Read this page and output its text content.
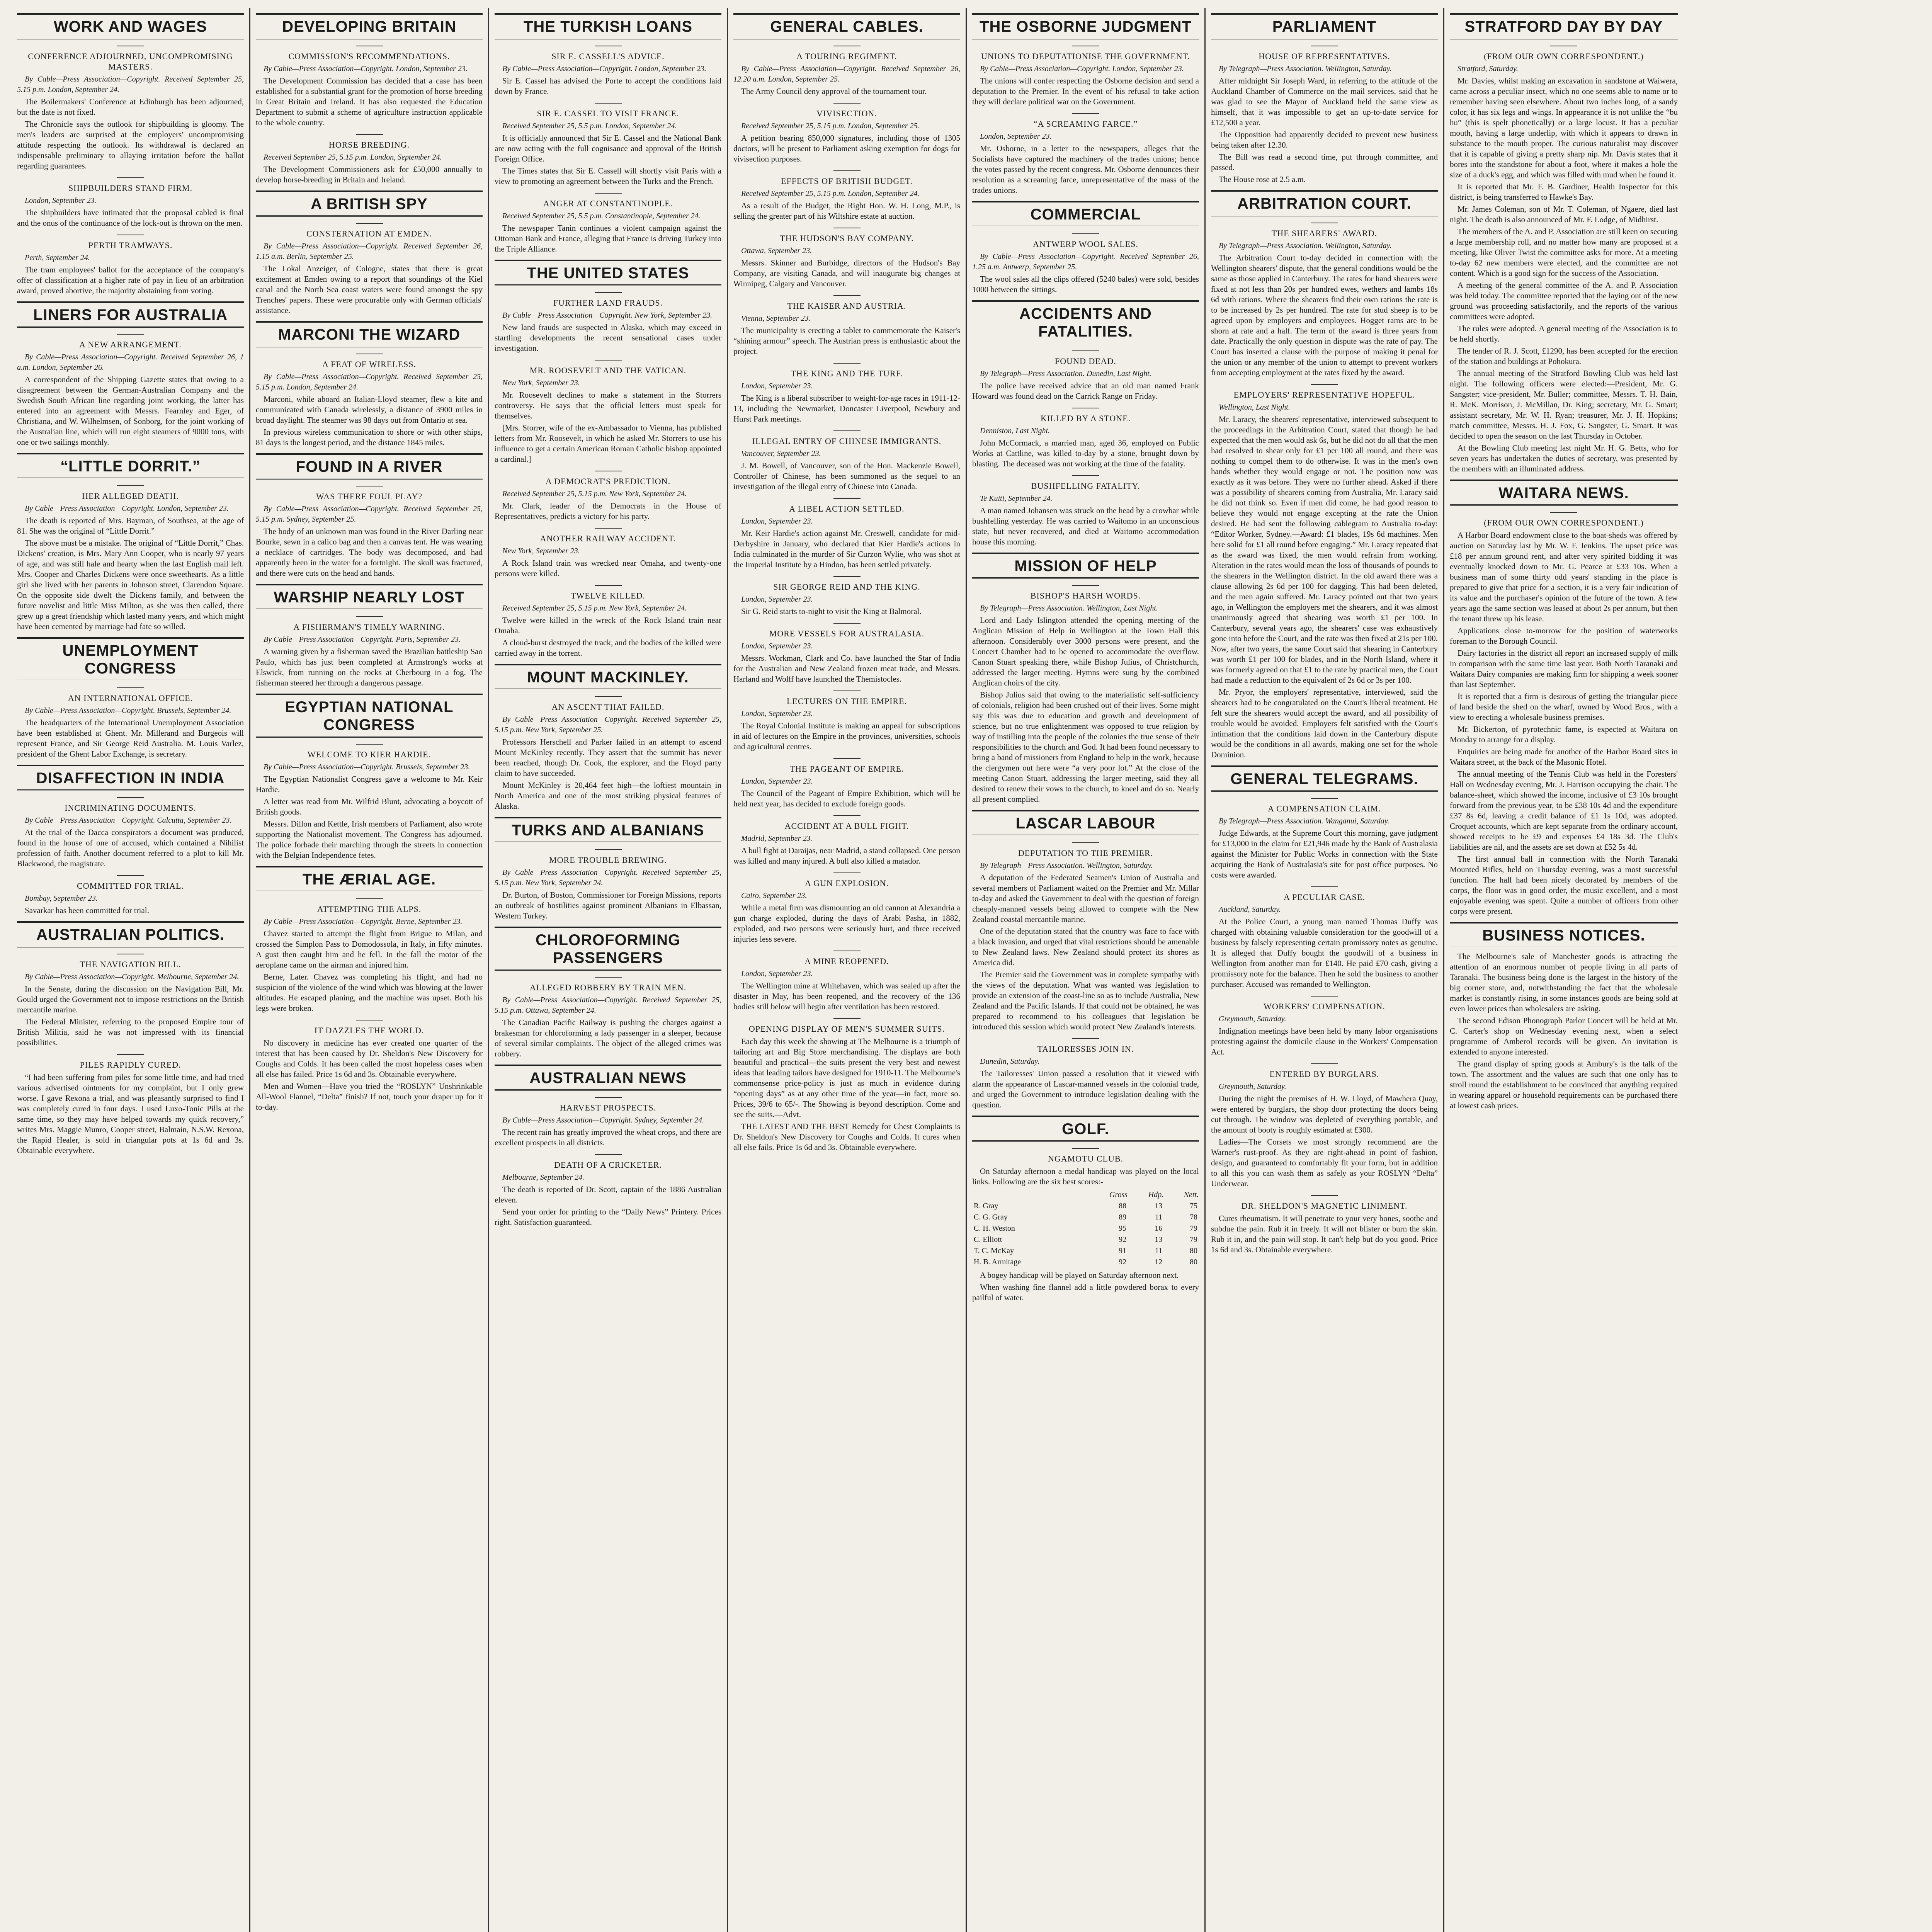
WORK AND WAGES
CONFERENCE ADJOURNED, UNCOMPROMISING MASTERS.
By Cable—Press Association—Copyright. Received September 25, 5.15 p.m. London, September 24.

The Boilermakers' Conference at Edinburgh has been adjourned, but the date is not fixed.

The Chronicle says the outlook for shipbuilding is gloomy. The men's leaders are surprised at the employers' uncompromising attitude respecting the outlook. Its withdrawal is declared an indispensable preliminary to allaying irritation before the ballot regarding guarantees.

SHIPBUILDERS STAND FIRM.
London, September 23.

The shipbuilders have intimated that the proposal cabled is final and the onus of the continuance of the lock-out is thrown on the men.

PERTH TRAMWAYS.
Perth, September 24.

The tram employees' ballot for the acceptance of the company's offer of classification at a higher rate of pay in lieu of an arbitration award, proved abortive, the majority abstaining from voting.

LINERS FOR AUSTRALIA
A NEW ARRANGEMENT.
By Cable—Press Association—Copyright. Received September 26, 1 a.m. London, September 26.

A correspondent of the Shipping Gazette states that owing to a disagreement between the German-Australian Company and the Swedish South African line regarding joint working, the latter has entered into an agreement with Messrs. Fearnley and Eger, of Christiana, and W. Wilhelmsen, of Sonborg, for the joint working of the Australian line, which will run eight steamers of 9000 tons, with one or two sailings monthly.

“LITTLE DORRIT.”
HER ALLEGED DEATH.
By Cable—Press Association—Copyright. London, September 23.

The death is reported of Mrs. Bayman, of Southsea, at the age of 81. She was the original of “Little Dorrit.”

The above must be a mistake. The original of “Little Dorrit,” Chas. Dickens' creation, is Mrs. Mary Ann Cooper, who is nearly 97 years of age, and was still hale and hearty when the last English mail left. Mrs. Cooper and Charles Dickens were once sweethearts. As a little girl she lived with her parents in Johnson street, Clarendon Square. On the opposite side dwelt the Dickens family, and between the future novelist and little Miss Milton, as she was then called, there grew up a great friendship which lasted many years, and which might have been cemented by marriage had fate so willed.

UNEMPLOYMENT CONGRESS
AN INTERNATIONAL OFFICE.
By Cable—Press Association—Copyright. Brussels, September 24.

The headquarters of the International Unemployment Association have been established at Ghent. Mr. Millerand and Burgeois will represent France, and Sir George Reid Australia. M. Louis Varlez, president of the Ghent Labor Exchange, is secretary.

DISAFFECTION IN INDIA
INCRIMINATING DOCUMENTS.
By Cable—Press Association—Copyright. Calcutta, September 23.

At the trial of the Dacca conspirators a document was produced, found in the house of one of accused, which contained a Nihilist profession of faith. Another document referred to a plot to kill Mr. Blackwood, the magistrate.

COMMITTED FOR TRIAL.
Bombay, September 23.

Savarkar has been committed for trial.

AUSTRALIAN POLITICS.
THE NAVIGATION BILL.
By Cable—Press Association—Copyright. Melbourne, September 24.

In the Senate, during the discussion on the Navigation Bill, Mr. Gould urged the Government not to impose restrictions on the British mercantile marine.

The Federal Minister, referring to the proposed Empire tour of British Militia, said he was not impressed with its financial possibilities.

PILES RAPIDLY CURED.

“I had been suffering from piles for some little time, and had tried various advertised ointments for my complaint, but I only grew worse. I gave Rexona a trial, and was pleasantly surprised to find I was completely cured in four days. I used Luxo-Tonic Pills at the same time, so they may have helped towards my quick recovery,” writes Mrs. Maggie Munro, Cooper street, Balmain, N.S.W. Rexona, the Rapid Healer, is sold in triangular pots at 1s 6d and 3s. Obtainable everywhere.

DEVELOPING BRITAIN
COMMISSION'S RECOMMENDATIONS.
By Cable—Press Association—Copyright. London, September 23.

The Development Commission has decided that a case has been established for a substantial grant for the promotion of horse breeding in Great Britain and Ireland. It has also requested the Education Department to submit a scheme of agriculture instruction applicable to the whole country.

HORSE BREEDING.
Received September 25, 5.15 p.m. London, September 24.

The Development Commissioners ask for £50,000 annually to develop horse-breeding in Britain and Ireland.

A BRITISH SPY
CONSTERNATION AT EMDEN.
By Cable—Press Association—Copyright. Received September 26, 1.15 a.m. Berlin, September 25.

The Lokal Anzeiger, of Cologne, states that there is great excitement at Emden owing to a report that soundings of the Kiel canal and the North Sea coast waters were found amongst the spy Trenches' papers. These were procurable only with German officials' assistance.

MARCONI THE WIZARD
A FEAT OF WIRELESS.
By Cable—Press Association—Copyright. Received September 25, 5.15 p.m. London, September 24.

Marconi, while aboard an Italian-Lloyd steamer, flew a kite and communicated with Canada wirelessly, a distance of 3900 miles in broad daylight. The steamer was 98 days out from Ontario at sea.

In previous wireless communication to shore or with other ships, 81 days is the longest period, and the distance 1845 miles.

FOUND IN A RIVER
WAS THERE FOUL PLAY?
By Cable—Press Association—Copyright. Received September 25, 5.15 p.m. Sydney, September 25.

The body of an unknown man was found in the River Darling near Bourke, sewn in a calico bag and then a canvas tent. He was wearing a necklace of cartridges. The body was decomposed, and had apparently been in the water for a fortnight. The skull was fractured, and there were cuts on the head and hands.

WARSHIP NEARLY LOST
A FISHERMAN'S TIMELY WARNING.
By Cable—Press Association—Copyright. Paris, September 23.

A warning given by a fisherman saved the Brazilian battleship Sao Paulo, which has just been completed at Armstrong's works at Elswick, from running on the rocks at Cherbourg in a fog. The fisherman steered her through a dangerous passage.

EGYPTIAN NATIONAL CONGRESS
WELCOME TO KIER HARDIE.
By Cable—Press Association—Copyright. Brussels, September 23.

The Egyptian Nationalist Congress gave a welcome to Mr. Keir Hardie.

A letter was read from Mr. Wilfrid Blunt, advocating a boycott of British goods.

Messrs. Dillon and Kettle, Irish members of Parliament, also wrote supporting the Nationalist movement. The Congress has adjourned. The police forbade their marching through the streets in connection with the Belgian Independence fetes.

THE ÆRIAL AGE.
ATTEMPTING THE ALPS.
By Cable—Press Association—Copyright. Berne, September 23.

Chavez started to attempt the flight from Brigue to Milan, and crossed the Simplon Pass to Domodossola, in Italy, in fifty minutes. A gust then caught him and he fell. In the fall the motor of the aeroplane came on the airman and injured him.

Berne, Later. Chavez was completing his flight, and had no suspicion of the violence of the wind which was blowing at the lower altitudes. He escaped planing, and the machine was upset. Both his legs were broken.

IT DAZZLES THE WORLD.

No discovery in medicine has ever created one quarter of the interest that has been caused by Dr. Sheldon's New Discovery for Coughs and Colds. It has been called the most hopeless cases when all else has failed. Price 1s 6d and 3s. Obtainable everywhere.

Men and Women—Have you tried the “ROSLYN” Unshrinkable All-Wool Flannel, “Delta” finish? If not, touch your draper up for it to-day.

THE TURKISH LOANS
SIR E. CASSELL'S ADVICE.
By Cable—Press Association—Copyright. London, September 23.

Sir E. Cassel has advised the Porte to accept the conditions laid down by France.

SIR E. CASSEL TO VISIT FRANCE.
Received September 25, 5.5 p.m. London, September 24.

It is officially announced that Sir E. Cassel and the National Bank are now acting with the full cognisance and approval of the British Foreign Office.

The Times states that Sir E. Cassell will shortly visit Paris with a view to promoting an agreement between the Turks and the French.

ANGER AT CONSTANTINOPLE.
Received September 25, 5.5 p.m. Constantinople, September 24.

The newspaper Tanin continues a violent campaign against the Ottoman Bank and France, alleging that France is driving Turkey into the Triple Alliance.

THE UNITED STATES
FURTHER LAND FRAUDS.
By Cable—Press Association—Copyright. New York, September 23.

New land frauds are suspected in Alaska, which may exceed in startling developments the recent sensational cases under investigation.

MR. ROOSEVELT AND THE VATICAN.
New York, September 23.

Mr. Roosevelt declines to make a statement in the Storrers controversy. He says that the official letters must speak for themselves.

[Mrs. Storrer, wife of the ex-Ambassador to Vienna, has published letters from Mr. Roosevelt, in which he asked Mr. Storrers to use his influence to get a certain American Roman Catholic bishop appointed a cardinal.]

A DEMOCRAT'S PREDICTION.
Received September 25, 5.15 p.m. New York, September 24.

Mr. Clark, leader of the Democrats in the House of Representatives, predicts a victory for his party.

ANOTHER RAILWAY ACCIDENT.
New York, September 23.

A Rock Island train was wrecked near Omaha, and twenty-one persons were killed.

TWELVE KILLED.
Received September 25, 5.15 p.m. New York, September 24.

Twelve were killed in the wreck of the Rock Island train near Omaha.

A cloud-burst destroyed the track, and the bodies of the killed were carried away in the torrent.

MOUNT MACKINLEY.
AN ASCENT THAT FAILED.
By Cable—Press Association—Copyright. Received September 25, 5.15 p.m. New York, September 25.

Professors Herschell and Parker failed in an attempt to ascend Mount McKinley recently. They assert that the summit has never been reached, though Dr. Cook, the explorer, and the Floyd party claim to have succeeded.

Mount McKinley is 20,464 feet high—the loftiest mountain in North America and one of the most striking physical features of Alaska.

TURKS AND ALBANIANS
MORE TROUBLE BREWING.
By Cable—Press Association—Copyright. Received September 25, 5.15 p.m. New York, September 24.

Dr. Burton, of Boston, Commissioner for Foreign Missions, reports an outbreak of hostilities against prominent Albanians in Elbassan, Western Turkey.

CHLOROFORMING PASSENGERS
ALLEGED ROBBERY BY TRAIN MEN.
By Cable—Press Association—Copyright. Received September 25, 5.15 p.m. Ottawa, September 24.

The Canadian Pacific Railway is pushing the charges against a brakesman for chloroforming a lady passenger in a sleeper, because of several similar complaints. The object of the alleged crimes was robbery.

AUSTRALIAN NEWS
HARVEST PROSPECTS.
By Cable—Press Association—Copyright. Sydney, September 24.

The recent rain has greatly improved the wheat crops, and there are excellent prospects in all districts.

DEATH OF A CRICKETER.
Melbourne, September 24.

The death is reported of Dr. Scott, captain of the 1886 Australian eleven.

Send your order for printing to the “Daily News” Printery. Prices right. Satisfaction guaranteed.

GENERAL CABLES.
A TOURING REGIMENT.
By Cable—Press Association—Copyright. Received September 26, 12.20 a.m. London, September 25.

The Army Council deny approval of the tournament tour.

VIVISECTION.
Received September 25, 5.15 p.m. London, September 25.

A petition bearing 850,000 signatures, including those of 1305 doctors, will be present to Parliament asking exemption for dogs for vivisection purposes.

EFFECTS OF BRITISH BUDGET.
Received September 25, 5.15 p.m. London, September 24.

As a result of the Budget, the Right Hon. W. H. Long, M.P., is selling the greater part of his Wiltshire estate at auction.

THE HUDSON'S BAY COMPANY.
Ottawa, September 23.

Messrs. Skinner and Burbidge, directors of the Hudson's Bay Company, are visiting Canada, and will inaugurate big changes at Winnipeg, Calgary and Vancouver.

THE KAISER AND AUSTRIA.
Vienna, September 23.

The municipality is erecting a tablet to commemorate the Kaiser's “shining armour” speech. The Austrian press is enthusiastic about the project.

THE KING AND THE TURF.
London, September 23.

The King is a liberal subscriber to weight-for-age races in 1911-12-13, including the Newmarket, Doncaster Liverpool, Newbury and Hurst Park meetings.

ILLEGAL ENTRY OF CHINESE IMMIGRANTS.
Vancouver, September 23.

J. M. Bowell, of Vancouver, son of the Hon. Mackenzie Bowell, Controller of Chinese, has been summoned as the sequel to an investigation of the illegal entry of Chinese into Canada.

A LIBEL ACTION SETTLED.
London, September 23.

Mr. Keir Hardie's action against Mr. Creswell, candidate for mid-Derbyshire in January, who declared that Kier Hardie's actions in India culminated in the murder of Sir Curzon Wylie, who was shot at the Imperial Institute by a Hindoo, has been settled privately.

SIR GEORGE REID AND THE KING.
London, September 23.

Sir G. Reid starts to-night to visit the King at Balmoral.

MORE VESSELS FOR AUSTRALASIA.
London, September 23.

Messrs. Workman, Clark and Co. have launched the Star of India for the Australian and New Zealand frozen meat trade, and Messrs. Harland and Wolff have launched the Themistocles.

LECTURES ON THE EMPIRE.
London, September 23.

The Royal Colonial Institute is making an appeal for subscriptions in aid of lectures on the Empire in the provinces, universities, schools and agricultural centres.

THE PAGEANT OF EMPIRE.
London, September 23.

The Council of the Pageant of Empire Exhibition, which will be held next year, has decided to exclude foreign goods.

ACCIDENT AT A BULL FIGHT.
Madrid, September 23.

A bull fight at Daraijas, near Madrid, a stand collapsed. One person was killed and many injured. A bull also killed a matador.

A GUN EXPLOSION.
Cairo, September 23.

While a metal firm was dismounting an old cannon at Alexandria a gun charge exploded, during the days of Arabi Pasha, in 1882, exploded, and two persons were seriously hurt, and three received injuries less severe.

A MINE REOPENED.
London, September 23.

The Wellington mine at Whitehaven, which was sealed up after the disaster in May, has been reopened, and the recovery of the 136 bodies still below will begin after ventilation has been restored.

OPENING DISPLAY OF MEN'S SUMMER SUITS.

Each day this week the showing at The Melbourne is a triumph of tailoring art and Big Store merchandising. The displays are both beautiful and practical—the suits present the very best and newest ideas that leading tailors have designed for 1910-11. The Melbourne's commonsense price-policy is just as much in evidence during “opening days” as at any other time of the year—in fact, more so. Prices, 39/6 to 65/-. The Showing is beyond description. Come and see the suits.—Advt.

THE LATEST AND THE BEST Remedy for Chest Complaints is Dr. Sheldon's New Discovery for Coughs and Colds. It cures when all else fails. Price 1s 6d and 3s. Obtainable everywhere.

THE OSBORNE JUDGMENT
UNIONS TO DEPUTATIONISE THE GOVERNMENT.
By Cable—Press Association—Copyright. London, September 23.

The unions will confer respecting the Osborne decision and send a deputation to the Premier. In the event of his refusal to take action they will declare political war on the Government.

“A SCREAMING FARCE.”
London, September 23.

Mr. Osborne, in a letter to the newspapers, alleges that the Socialists have captured the machinery of the trades unions; hence the votes passed by the recent congress. Mr. Osborne denounces their resolution as a screaming farce, unrepresentative of the mass of the trades unions.

COMMERCIAL
ANTWERP WOOL SALES.
By Cable—Press Association—Copyright. Received September 26, 1.25 a.m. Antwerp, September 25.

The wool sales all the clips offered (5240 bales) were sold, besides 1000 between the sittings.

ACCIDENTS AND FATALITIES.
FOUND DEAD.
By Telegraph—Press Association. Dunedin, Last Night.

The police have received advice that an old man named Frank Howard was found dead on the Carrick Range on Friday.

KILLED BY A STONE.
Denniston, Last Night.

John McCormack, a married man, aged 36, employed on Public Works at Cattline, was killed to-day by a stone, brought down by blasting. The deceased was not working at the time of the fatality.

BUSHFELLING FATALITY.
Te Kuiti, September 24.

A man named Johansen was struck on the head by a crowbar while bushfelling yesterday. He was carried to Waitomo in an unconscious state, but never recovered, and died at Waitomo accommodation house this morning.

MISSION OF HELP
BISHOP'S HARSH WORDS.
By Telegraph—Press Association. Wellington, Last Night.

Lord and Lady Islington attended the opening meeting of the Anglican Mission of Help in Wellington at the Town Hall this afternoon. Considerably over 3000 persons were present, and the Concert Chamber had to be opened to accommodate the overflow. Canon Stuart speaking there, while Bishop Julius, of Christchurch, addressed the larger meeting. Hymns were sung by the combined Anglican choirs of the city.

Bishop Julius said that owing to the materialistic self-sufficiency of colonials, religion had been crushed out of their lives. Some might say this was due to education and growth and development of science, but no true enlightenment was opposed to true religion by way of instilling into the people of the colonies the true sense of their responsibilities to the church and God. It had been found necessary to bring a band of missioners from England to help in the work, because the clergymen out here were “a very poor lot.” At the close of the meeting Canon Stuart, addressing the larger meeting, said they all desired to renew their vows to the church, to kneel and do so. Nearly all present complied.

LASCAR LABOUR
DEPUTATION TO THE PREMIER.
By Telegraph—Press Association. Wellington, Saturday.

A deputation of the Federated Seamen's Union of Australia and several members of Parliament waited on the Premier and Mr. Millar to-day and asked the Government to deal with the question of foreign cheaply-manned vessels being allowed to compete with the New Zealand coastal mercantile marine.

One of the deputation stated that the country was face to face with a black invasion, and urged that vital restrictions should be amenable to New Zealand laws. New Zealand should protect its shores as America did.

The Premier said the Government was in complete sympathy with the views of the deputation. What was wanted was legislation to provide an extension of the coast-line so as to include Australia, New Zealand and the Pacific Islands. If that could not be obtained, he was prepared to recommend to his colleagues that legislation be introduced this session which would protect New Zealand's interests.

TAILORESSES JOIN IN.
Dunedin, Saturday.

The Tailoresses' Union passed a resolution that it viewed with alarm the appearance of Lascar-manned vessels in the colonial trade, and urged the Government to introduce legislation dealing with the question.

GOLF.
NGAMOTU CLUB.

On Saturday afternoon a medal handicap was played on the local links. Following are the six best scores:-

	Gross	Hdp.	Nett.
R. Gray	88	13	75
C. G. Gray	89	11	78
C. H. Weston	95	16	79
C. Elliott	92	13	79
T. C. McKay	91	11	80
H. B. Armitage	92	12	80

A bogey handicap will be played on Saturday afternoon next.

When washing fine flannel add a little powdered borax to every pailful of water.

PARLIAMENT
HOUSE OF REPRESENTATIVES.
By Telegraph—Press Association. Wellington, Saturday.

After midnight Sir Joseph Ward, in referring to the attitude of the Auckland Chamber of Commerce on the mail services, said that he was glad to see the Mayor of Auckland held the same view as himself, that it was impossible to get an up-to-date service for £12,500 a year.

The Opposition had apparently decided to prevent new business being taken after 12.30.

The Bill was read a second time, put through committee, and passed.

The House rose at 2.5 a.m.

ARBITRATION COURT.
THE SHEARERS' AWARD.
By Telegraph—Press Association. Wellington, Saturday.

The Arbitration Court to-day decided in connection with the Wellington shearers' dispute, that the general conditions would be the same as those applied in Canterbury. The rates for hand shearers were fixed at not less than 20s per hundred ewes, wethers and lambs 18s 6d with rations. Where the shearers find their own rations the rate is to be increased by 2s per hundred. The rate for stud sheep is to be agreed upon by employers and employees. Hogget rams are to be shorn at rate and a half. The term of the award is three years from date. Practically the only question in dispute was the rate of pay. The Court has inserted a clause with the purpose of making it penal for the union or any member of the union to attempt to prevent workers from accepting employment at the rates fixed by the award.

EMPLOYERS' REPRESENTATIVE HOPEFUL.
Wellington, Last Night.

Mr. Laracy, the shearers' representative, interviewed subsequent to the proceedings in the Arbitration Court, stated that though he had expected that the men would ask 6s, but he did not do all that the men had resolved to shear only for £1 per 100 all round, and there was nothing to compel them to do otherwise. It was in the men's own hands whether they would engage or not. The position now was exactly as it was before. They were no further ahead. Asked if there was a possibility of shearers coming from Australia, Mr. Laracy said he did not think so. Even if men did come, he had good reason to believe they would not engage excepting at the rate the Union desired. He had sent the following cablegram to Australia to-day: “Editor Worker, Sydney.—Award: £1 blades, 19s 6d machines. Men here solid for £1 all round before engaging.” Mr. Laracy repeated that as the award was fixed, the men would refrain from working. Alteration in the rates would mean the loss of thousands of pounds to the shearers in the Wellington district. In the old award there was a clause allowing 2s 6d per 100 for dagging. This had been deleted, and the men again suffered. Mr. Laracy pointed out that two years ago, in Wellington the employers met the shearers, and it was almost unanimously agreed that shearing was worth £1 per 100. In Canterbury, several years ago, the shearers' case was exhaustively gone into before the Court, and the rate was then fixed at 21s per 100. Now, after two years, the same Court said that shearing in Canterbury was worth £1 per 100 for blades, and in the North Island, where it was formerly agreed on that £1 to the rate by practical men, the Court had made a reduction to the equivalent of 2s 6d or 3s per 100.

Mr. Pryor, the employers' representative, interviewed, said the shearers had to be congratulated on the Court's liberal treatment. He felt sure the shearers would accept the award, and all possibility of trouble would be avoided. Employers felt satisfied with the Court's intimation that the conditions laid down in the Canterbury dispute would be the conditions in all awards, making one set for the whole Dominion.

GENERAL TELEGRAMS.
A COMPENSATION CLAIM.
By Telegraph—Press Association. Wanganui, Saturday.

Judge Edwards, at the Supreme Court this morning, gave judgment for £13,000 in the claim for £21,946 made by the Bank of Australasia against the Minister for Public Works in connection with the State acquiring the Bank of Australasia's site for post office purposes. No costs were awarded.

A PECULIAR CASE.
Auckland, Saturday.

At the Police Court, a young man named Thomas Duffy was charged with obtaining valuable consideration for the goodwill of a business by falsely representing certain promissory notes as genuine. It is alleged that Duffy bought the goodwill of a business in Wellington from another man for £140. He paid £70 cash, giving a promissory note for the balance. Then he sold the business to another purchaser. Accused was remanded to Wellington.

WORKERS' COMPENSATION.
Greymouth, Saturday.

Indignation meetings have been held by many labor organisations protesting against the domicile clause in the Workers' Compensation Act.

ENTERED BY BURGLARS.
Greymouth, Saturday.

During the night the premises of H. W. Lloyd, of Mawhera Quay, were entered by burglars, the shop door protecting the doors being cut through. The window was depleted of everything portable, and the amount of booty is roughly estimated at £300.

Ladies—The Corsets we most strongly recommend are the Warner's rust-proof. As they are right-ahead in point of fashion, design, and guaranteed to comfortably fit your form, but in addition to all this you can wash them as safely as your ROSLYN “Delta” Underwear.

DR. SHELDON'S MAGNETIC LINIMENT.

Cures rheumatism. It will penetrate to your very bones, soothe and subdue the pain. Rub it in freely. It will not blister or burn the skin. Rub it in, and the pain will stop. It can't help but do you good. Price 1s 6d and 3s. Obtainable everywhere.

STRATFORD DAY BY DAY
(FROM OUR OWN CORRESPONDENT.)
Stratford, Saturday.

Mr. Davies, whilst making an excavation in sandstone at Waiwera, came across a peculiar insect, which no one seems able to name or to remember having seen elsewhere. About two inches long, of a sandy color, it has six legs and wings. In appearance it is not unlike the “bu hu” (this is spelt phonetically) or a large locust. It has a peculiar mouth, having a large underlip, with which it appears to drawn in substance to the mouth proper. The curious naturalist may discover that it is capable of giving a pretty sharp nip. Mr. Davis states that it bores into the standstone for about a foot, where it makes a hole the size of a duck's egg, and which was filled with mud when he found it.

It is reported that Mr. F. B. Gardiner, Health Inspector for this district, is being transferred to Hawke's Bay.

Mr. James Coleman, son of Mr. T. Coleman, of Ngaere, died last night. The death is also announced of Mr. F. Lodge, of Midhirst.

The members of the A. and P. Association are still keen on securing a large membership roll, and no matter how many are proposed at a meeting, like Oliver Twist the committee asks for more. At a meeting to-day 62 new members were elected, and the committee are not content. Which is a good sign for the success of the Association.

A meeting of the general committee of the A. and P. Association was held today. The committee reported that the laying out of the new ground was proceeding satisfactorily, and the reports of the various committees were adopted.

The rules were adopted. A general meeting of the Association is to be held shortly.

The tender of R. J. Scott, £1290, has been accepted for the erection of the station and buildings at Pohokura.

The annual meeting of the Stratford Bowling Club was held last night. The following officers were elected:—President, Mr. G. Sangster; vice-president, Mr. Buller; committee, Messrs. T. H. Bain, R. McK. Morrison, J. McMillan, Dr. King; secretary, Mr. G. Smart; assistant secretary, Mr. W. H. Ryan; treasurer, Mr. J. H. Hopkins; match committee, Messrs. H. J. Fox, G. Sangster, G. Smart. It was decided to open the season on the last Thursday in October.

At the Bowling Club meeting last night Mr. H. G. Betts, who for seven years has undertaken the duties of secretary, was presented by the members with an illuminated address.

WAITARA NEWS.
(FROM OUR OWN CORRESPONDENT.)

A Harbor Board endowment close to the boat-sheds was offered by auction on Saturday last by Mr. W. F. Jenkins. The upset price was £18 per annum ground rent, and after very spirited bidding it was eventually knocked down to Mr. G. Pearce at £33 10s. When a business man of some thirty odd years' standing in the place is prepared to give that price for a section, it is a very fair indication of its value and the purchaser's opinion of the future of the town. A few years ago the same section was leased at about 2s per annum, but then the tenant threw up his lease.

Applications close to-morrow for the position of waterworks foreman to the Borough Council.

Dairy factories in the district all report an increased supply of milk in comparison with the same time last year. Both North Taranaki and Waitara Dairy companies are making firm for shipping a week sooner than last September.

It is reported that a firm is desirous of getting the triangular piece of land beside the shed on the wharf, owned by Wood Bros., with a view to erecting a wholesale business premises.

Mr. Bickerton, of pyrotechnic fame, is expected at Waitara on Monday to arrange for a display.

Enquiries are being made for another of the Harbor Board sites in Waitara street, at the back of the Masonic Hotel.

The annual meeting of the Tennis Club was held in the Foresters' Hall on Wednesday evening, Mr. J. Harrison occupying the chair. The balance-sheet, which showed the income, inclusive of £3 10s brought forward from the previous year, to be £38 10s 4d and the expenditure £37 8s 6d, leaving a credit balance of £1 1s 10d, was adopted. Croquet accounts, which are kept separate from the ordinary account, showed receipts to be £9 and expenses £4 18s 3d. The Club's liabilities are nil, and the assets are set down at £52 5s 4d.

The first annual ball in connection with the North Taranaki Mounted Rifles, held on Thursday evening, was a most successful function. The hall had been nicely decorated by members of the corps, the floor was in good order, the music excellent, and a most enjoyable evening was spent. Quite a number of officers from other corps were present.

BUSINESS NOTICES.

The Melbourne's sale of Manchester goods is attracting the attention of an enormous number of people living in all parts of Taranaki. The business being done is the largest in the history of the big corner store, and, notwithstanding the fact that the wholesale market is constantly rising, in some instances goods are being sold at even lower prices than wholesalers are asking.

The second Edison Phonograph Parlor Concert will be held at Mr. C. Carter's shop on Wednesday evening next, when a select programme of Amberol records will be given. An invitation is extended to anyone interested.

The grand display of spring goods at Ambury's is the talk of the town. The assortment and the values are such that one only has to stroll round the establishment to be convinced that anything required in wearing apparel or household requirements can be purchased there at lowest cash prices.
